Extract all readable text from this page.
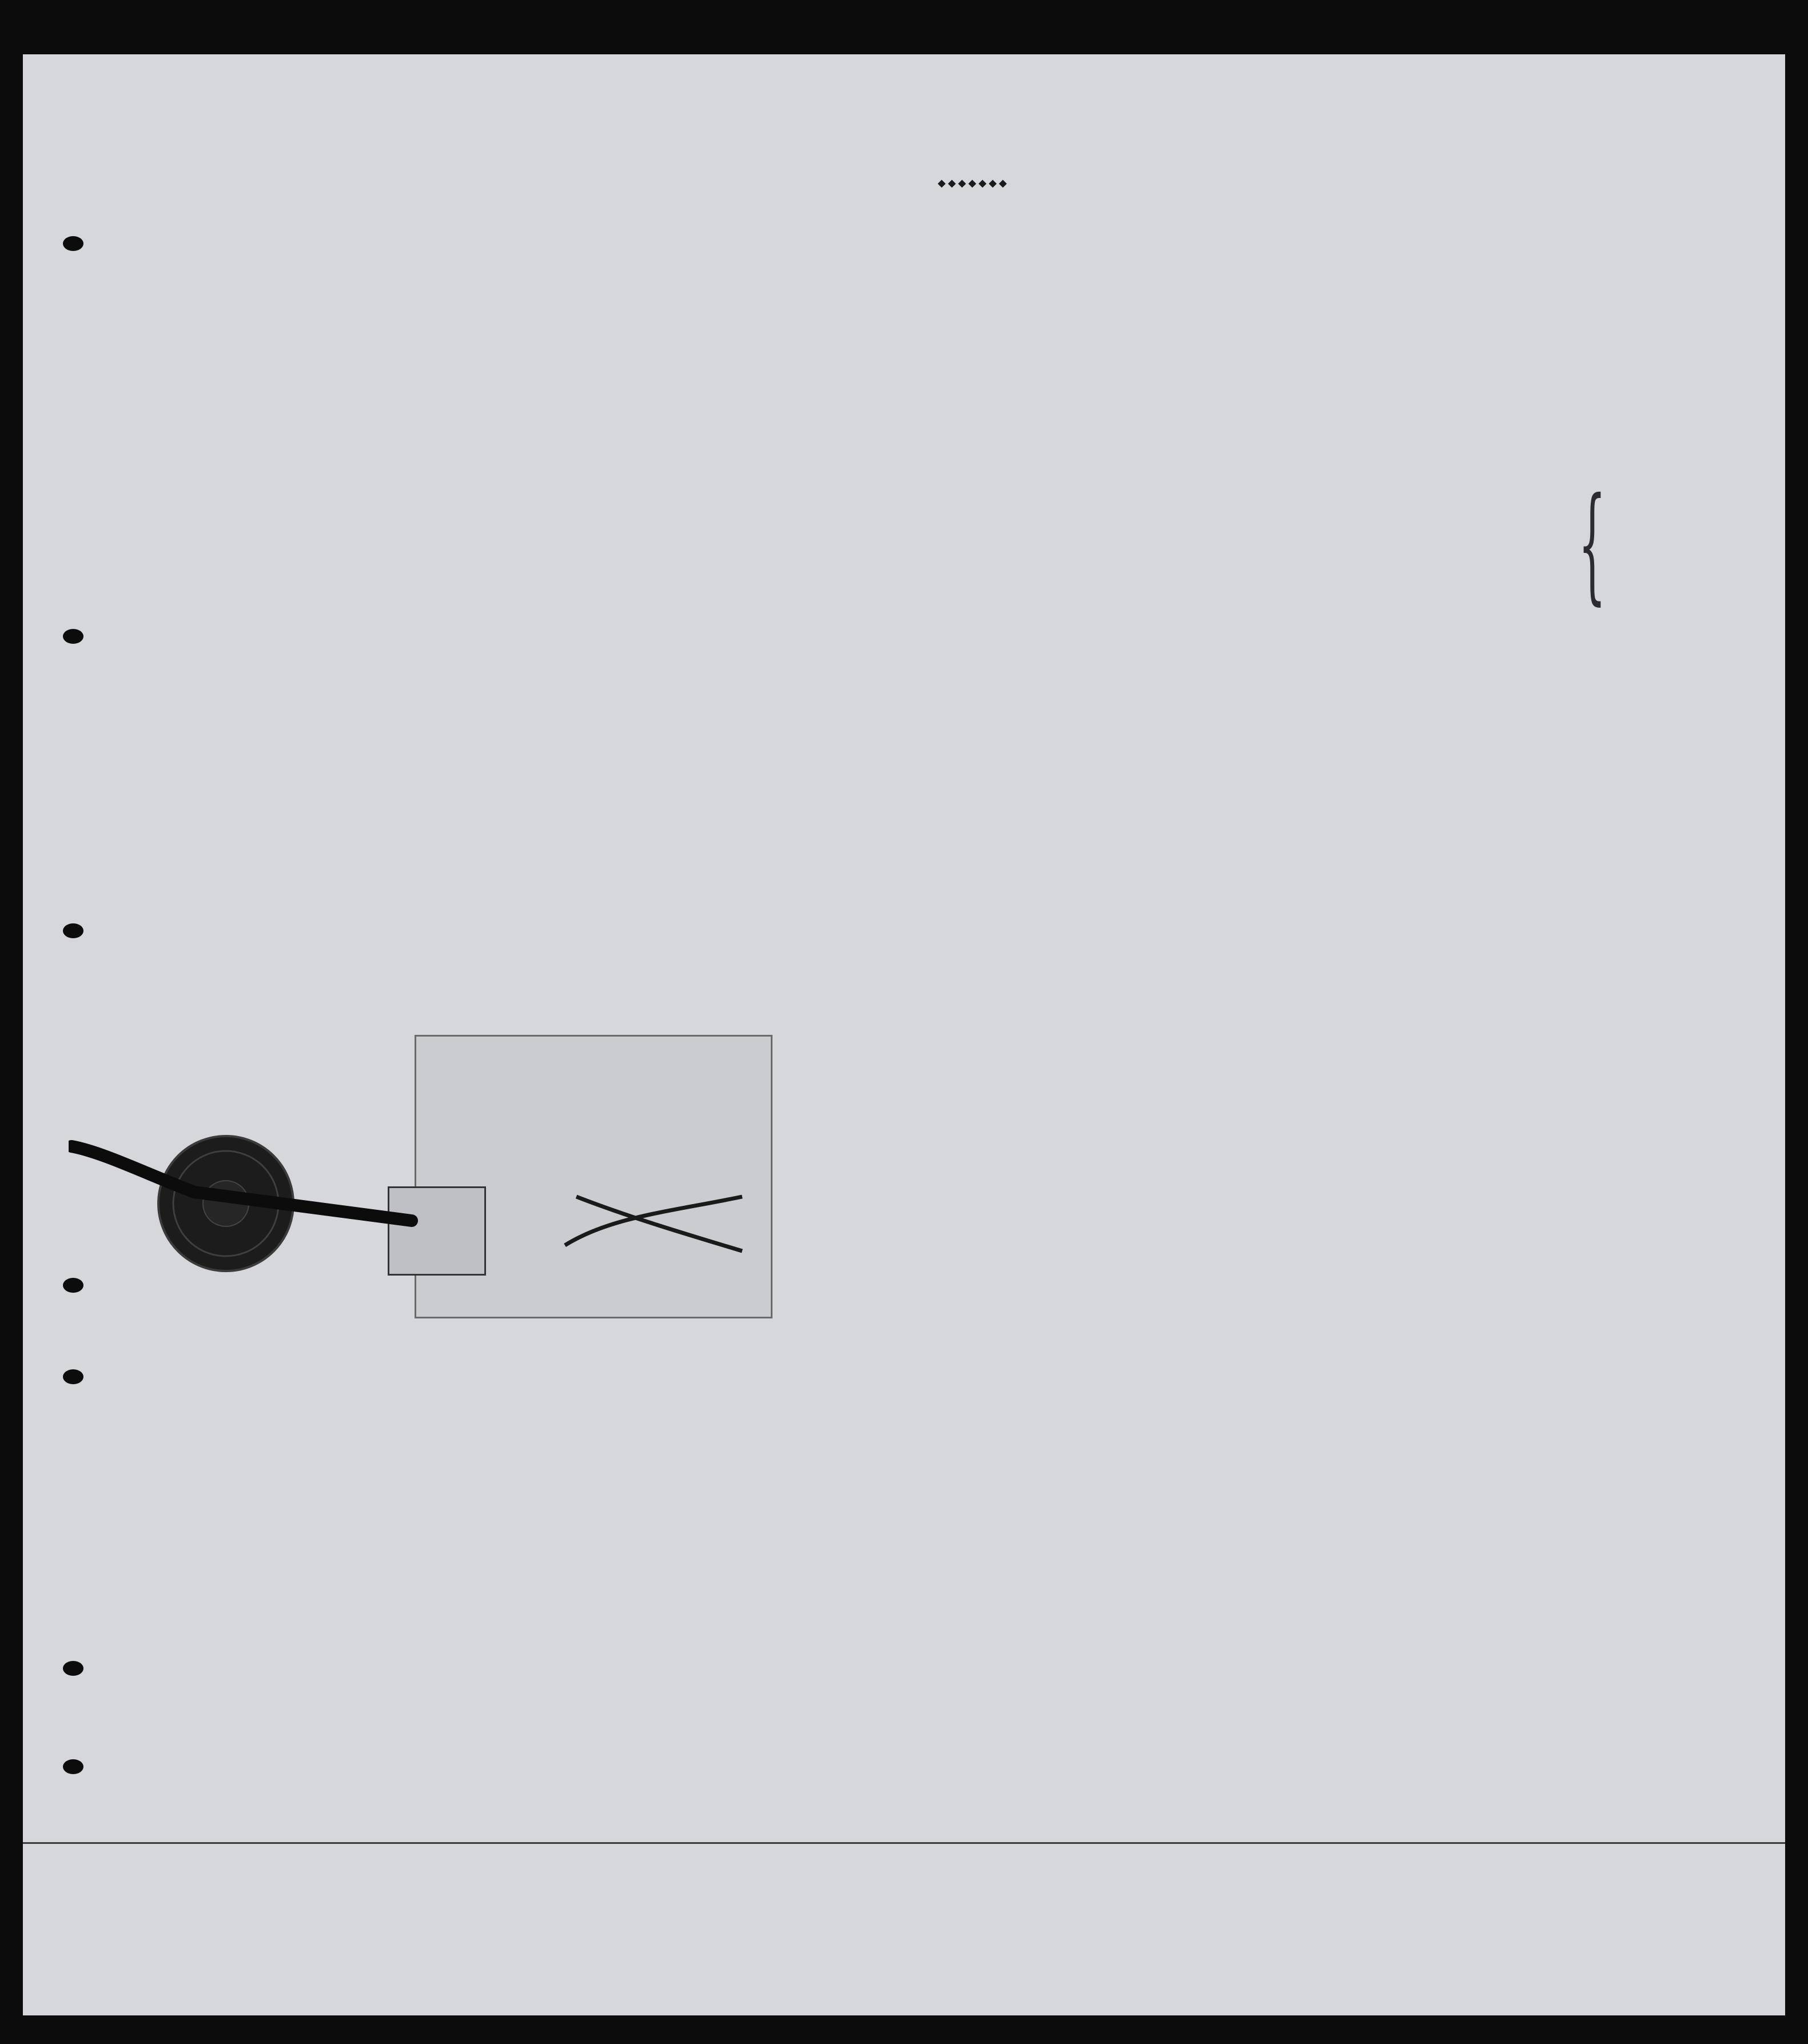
◆◆◆◆◆◆◆
{
